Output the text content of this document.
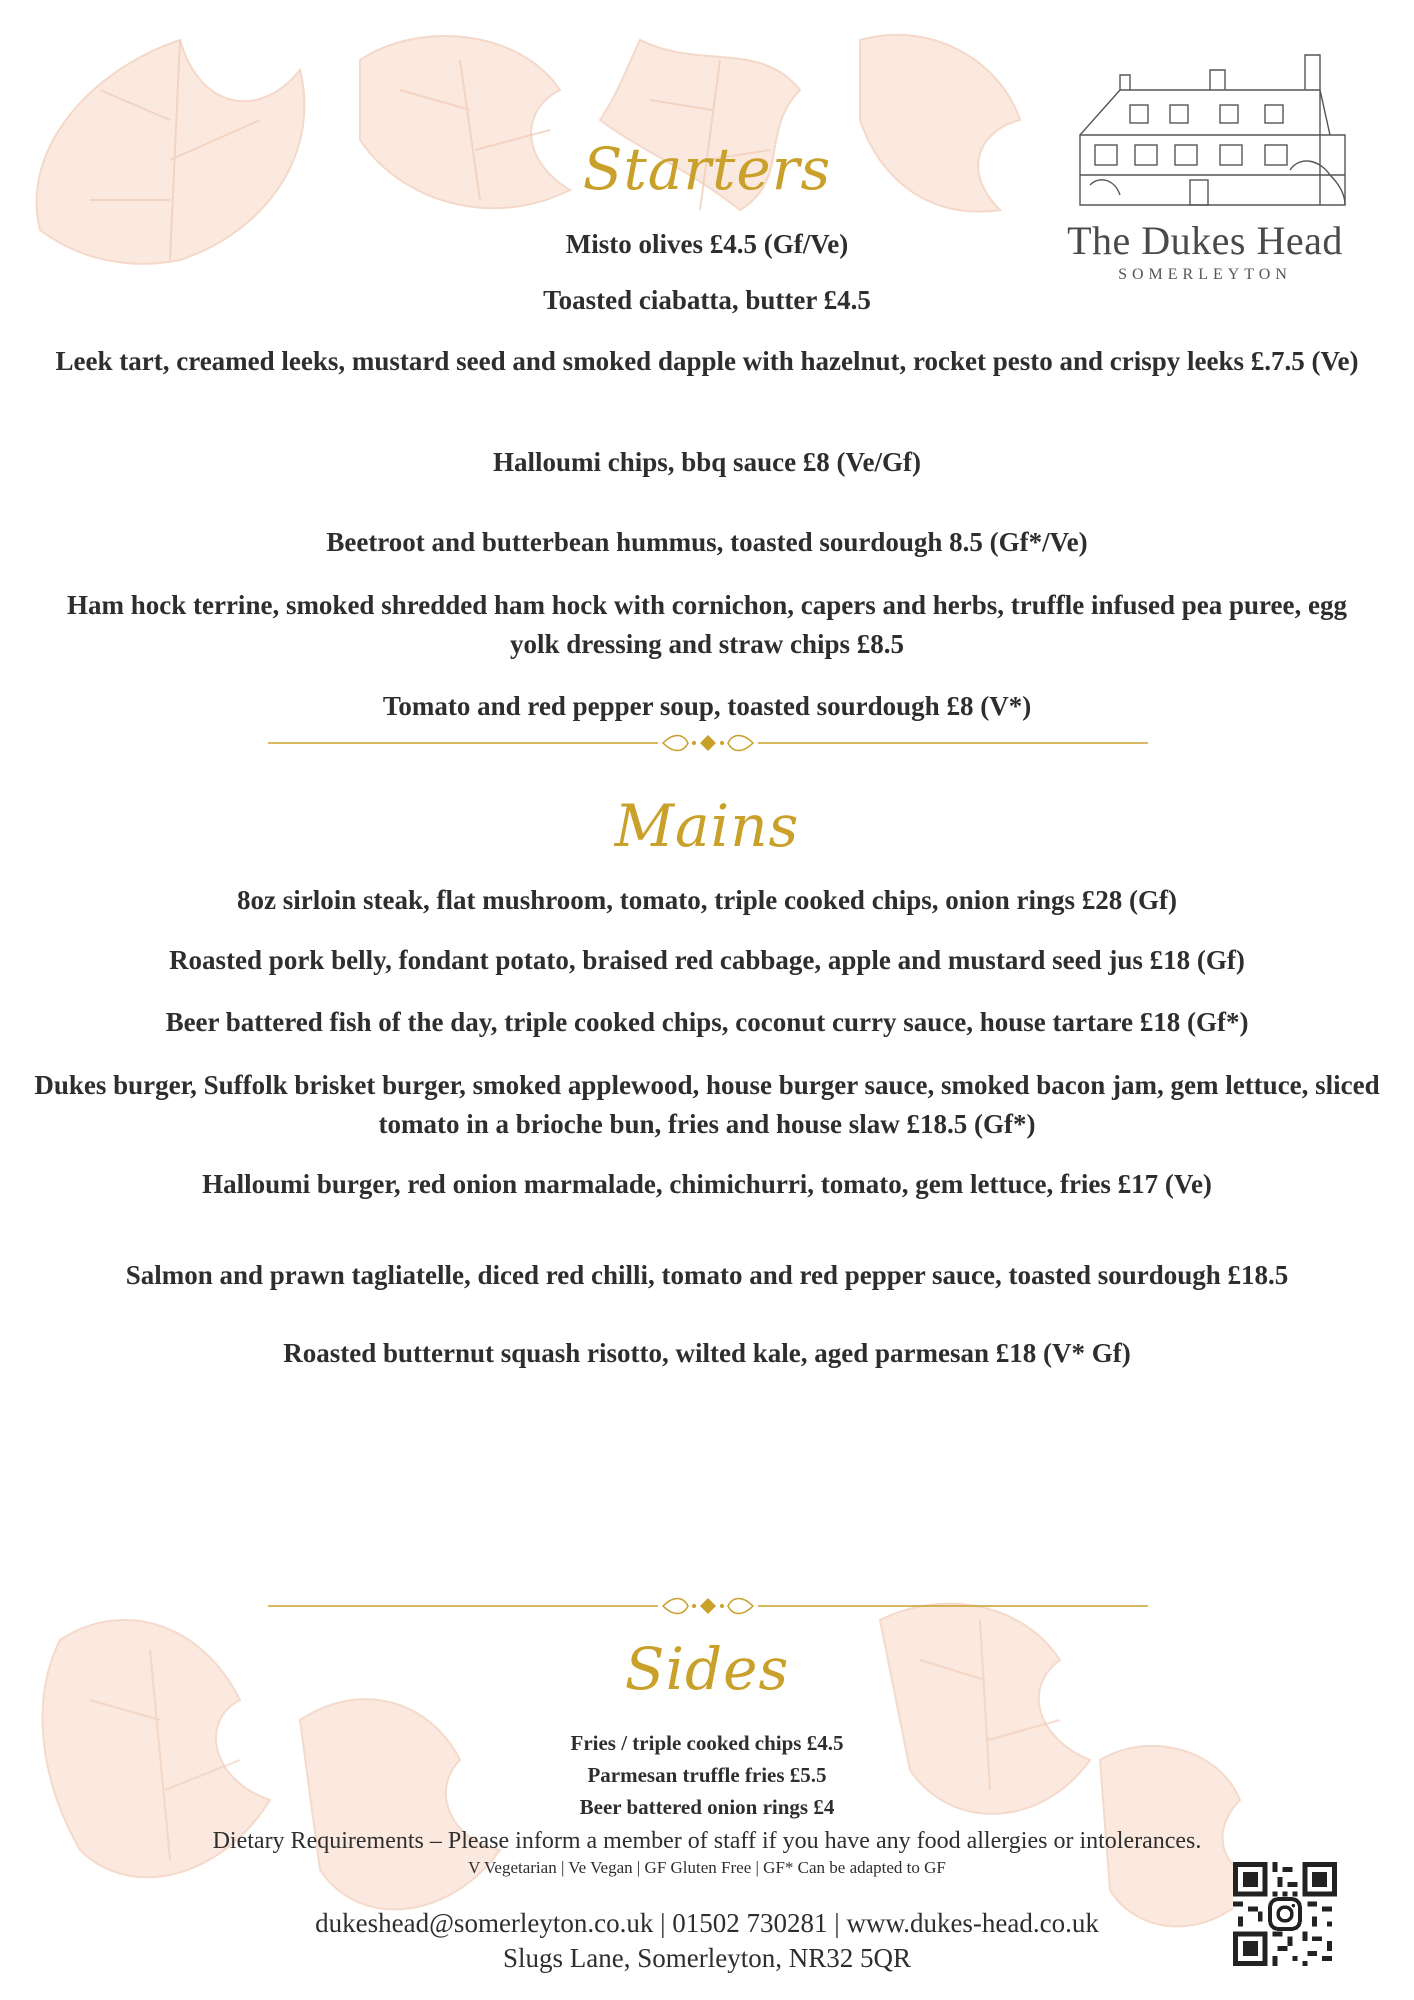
The Dukes Head
SOMERLEYTON
Starters
Misto olives £4.5 (Gf/Ve)
Toasted ciabatta, butter £4.5
Leek tart, creamed leeks, mustard seed and smoked dapple with hazelnut, rocket pesto and crispy leeks £.7.5 (Ve)
Halloumi chips, bbq sauce £8 (Ve/Gf)
Beetroot and butterbean hummus, toasted sourdough 8.5 (Gf*/Ve)
Ham hock terrine, smoked shredded ham hock with cornichon, capers and herbs, truffle infused pea puree, egg yolk dressing and straw chips £8.5
Tomato and red pepper soup, toasted sourdough £8 (V*)
Mains
8oz sirloin steak, flat mushroom, tomato, triple cooked chips, onion rings £28 (Gf)
Roasted pork belly, fondant potato, braised red cabbage, apple and mustard seed jus £18 (Gf)
Beer battered fish of the day, triple cooked chips, coconut curry sauce, house tartare £18 (Gf*)
Dukes burger, Suffolk brisket burger, smoked applewood, house burger sauce, smoked bacon jam, gem lettuce, sliced tomato in a brioche bun, fries and house slaw £18.5 (Gf*)
Halloumi burger, red onion marmalade, chimichurri, tomato, gem lettuce, fries £17 (Ve)
Salmon and prawn tagliatelle, diced red chilli, tomato and red pepper sauce, toasted sourdough £18.5
Roasted butternut squash risotto, wilted kale, aged parmesan £18 (V* Gf)
Sides
Fries / triple cooked chips £4.5
Parmesan truffle fries £5.5
Beer battered onion rings £4
Dietary Requirements – Please inform a member of staff if you have any food allergies or intolerances.
V Vegetarian | Ve Vegan | GF Gluten Free | GF* Can be adapted to GF
dukeshead@somerleyton.co.uk | 01502 730281 | www.dukes-head.co.uk
Slugs Lane, Somerleyton, NR32 5QR
